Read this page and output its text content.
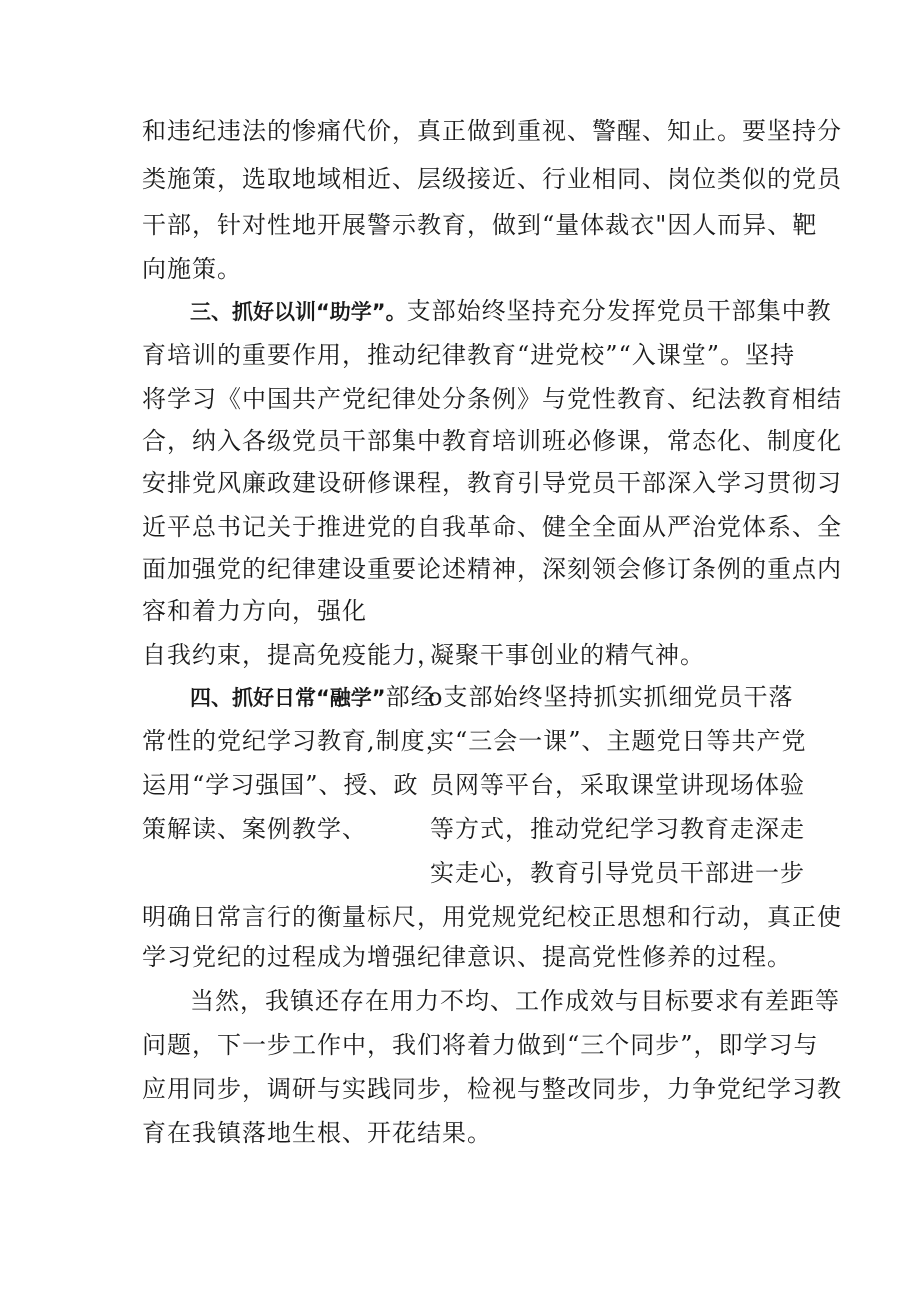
和违纪违法的惨痛代价，真正做到重视、警醒、知止。要坚持分
类施策，选取地域相近、层级接近、行业相同、岗位类似的党员
干部，针对性地开展警示教育，做到“量体裁衣"因人而异、靶
向施策。
三、抓好以训“助学”。支部始终坚持充分发挥党员干部集中教
育培训的重要作用，推动纪律教育“进党校”“入课堂”。坚持
将学习《中国共产党纪律处分条例》与党性教育、纪法教育相结
合，纳入各级党员干部集中教育培训班必修课，常态化、制度化
安排党风廉政建设研修课程，教育引导党员干部深入学习贯彻习
近平总书记关于推进党的自我革命、健全全面从严治党体系、全
面加强党的纪律建设重要论述精神，深刻领会修订条例的重点内
容和着力方向，强化
自我约束，提高免疫能力，
凝聚干事创业的精气神。
四、抓好日常“融学”部经
常性的党纪学习教育,制度，
运用“学习强国”、授、政
策解读、案例教学、
o支部始终坚持抓实抓细党员干落
实“三会一课”、主题党日等共产党
员网等平台，采取课堂讲现场体验
等方式，推动党纪学习教育走深走
实走心，教育引导党员干部进一步
明确日常言行的衡量标尺，用党规党纪校正思想和行动，真正使
学习党纪的过程成为增强纪律意识、提高党性修养的过程。
当然，我镇还存在用力不均、工作成效与目标要求有差距等
问题，下一步工作中，我们将着力做到“三个同步”，即学习与
应用同步，调研与实践同步，检视与整改同步，力争党纪学习教
育在我镇落地生根、开花结果。
